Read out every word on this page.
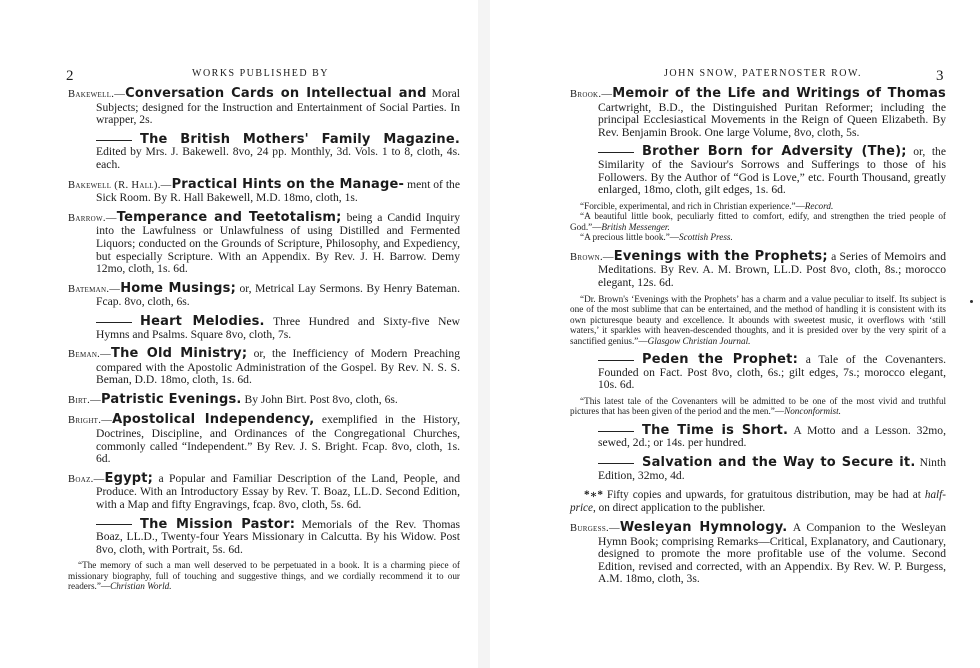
2	WORKS PUBLISHED BY
Bakewell.—Conversation Cards on Intellectual and Moral Subjects; designed for the Instruction and Entertainment of Social Parties. In wrapper, 2s.
The British Mothers' Family Magazine. Edited by Mrs. J. Bakewell. 8vo, 24 pp. Monthly, 3d. Vols. 1 to 8, cloth, 4s. each.
Bakewell (R. Hall).—Practical Hints on the Manage- ment of the Sick Room. By R. Hall Bakewell, M.D. 18mo, cloth, 1s.
Barrow.—Temperance and Teetotalism; being a Candid Inquiry into the Lawfulness or Unlawfulness of using Distilled and Fermented Liquors; conducted on the Grounds of Scripture, Philosophy, and Expediency, but especially Scripture. With an Appendix. By Rev. J. H. Barrow. Demy 12mo, cloth, 1s. 6d.
Bateman.—Home Musings; or, Metrical Lay Sermons. By Henry Bateman. Fcap. 8vo, cloth, 6s.
Heart Melodies. Three Hundred and Sixty-five New Hymns and Psalms. Square 8vo, cloth, 7s.
Beman.—The Old Ministry; or, the Inefficiency of Modern Preaching compared with the Apostolic Administration of the Gospel. By Rev. N. S. S. Beman, D.D. 18mo, cloth, 1s. 6d.
Birt.—Patristic Evenings. By John Birt. Post 8vo, cloth, 6s.
Bright.—Apostolical Independency, exemplified in the History, Doctrines, Discipline, and Ordinances of the Congregational Churches, commonly called “Independent.” By Rev. J. S. Bright. Fcap. 8vo, cloth, 1s. 6d.
Boaz.—Egypt; a Popular and Familiar Description of the Land, People, and Produce. With an Introductory Essay by Rev. T. Boaz, LL.D. Second Edition, with a Map and fifty Engravings, fcap. 8vo, cloth, 5s. 6d.
The Mission Pastor: Memorials of the Rev. Thomas Boaz, LL.D., Twenty-four Years Missionary in Calcutta. By his Widow. Post 8vo, cloth, with Portrait, 5s. 6d.
“The memory of such a man well deserved to be perpetuated in a book. It is a charming piece of missionary biography, full of touching and suggestive things, and we cordially recommend it to our readers.”—Christian World.
JOHN SNOW, PATERNOSTER ROW.	3
Brook.—Memoir of the Life and Writings of Thomas Cartwright, B.D., the Distinguished Puritan Reformer; including the principal Ecclesiastical Movements in the Reign of Queen Elizabeth. By Rev. Benjamin Brook. One large Volume, 8vo, cloth, 5s.
Brother Born for Adversity (The); or, the Similarity of the Saviour's Sorrows and Sufferings to those of his Followers. By the Author of “God is Love,” etc. Fourth Thousand, greatly enlarged, 18mo, cloth, gilt edges, 1s. 6d.
“Forcible, experimental, and rich in Christian experience.”—Record.
“A beautiful little book, peculiarly fitted to comfort, edify, and strengthen the tried people of God.”—British Messenger.
“A precious little book.”—Scottish Press.
Brown.—Evenings with the Prophets; a Series of Memoirs and Meditations. By Rev. A. M. Brown, LL.D. Post 8vo, cloth, 8s.; morocco elegant, 12s. 6d.
“Dr. Brown's ‘Evenings with the Prophets’ has a charm and a value peculiar to itself. Its subject is one of the most sublime that can be entertained, and the method of handling it is consistent with its own picturesque beauty and excellence. It abounds with sweetest music, it overflows with ‘still waters,’ it sparkles with heaven-descended thoughts, and it is presided over by the very spirit of a sanctified genius.”—Glasgow Christian Journal.
Peden the Prophet: a Tale of the Covenanters. Founded on Fact. Post 8vo, cloth, 6s.; gilt edges, 7s.; morocco elegant, 10s. 6d.
“This latest tale of the Covenanters will be admitted to be one of the most vivid and truthful pictures that has been given of the period and the men.”—Nonconformist.
The Time is Short. A Motto and a Lesson. 32mo, sewed, 2d.; or 14s. per hundred.
Salvation and the Way to Secure it. Ninth Edition, 32mo, 4d.
*∗* Fifty copies and upwards, for gratuitous distribution, may be had at half-price, on direct application to the publisher.
Burgess.—Wesleyan Hymnology. A Companion to the Wesleyan Hymn Book; comprising Remarks—Critical, Explanatory, and Cautionary, designed to promote the more profitable use of the volume. Second Edition, revised and corrected, with an Appendix. By Rev. W. P. Burgess, A.M. 18mo, cloth, 3s.
